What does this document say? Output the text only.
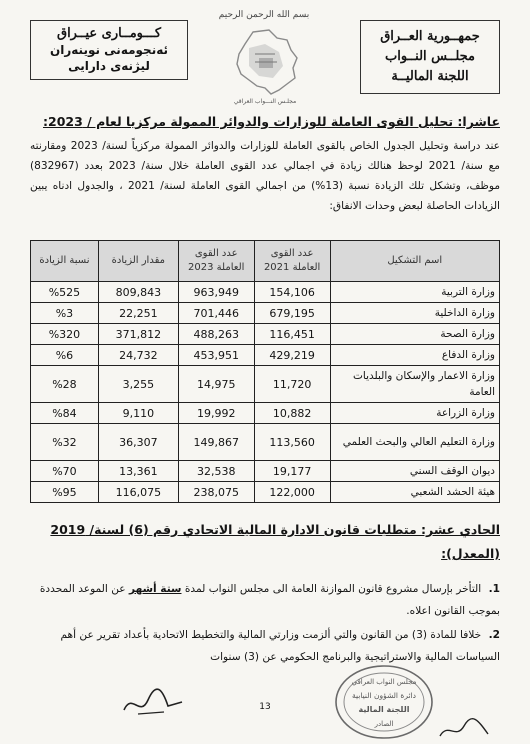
كـــومــارى عيــراق
ئه‌نجومه‌نى نوينه‌ران
ليژنه‌ى دارايى
بسم الله الرحمن الرحيم
مجلـس النـــواب العراقي
جمهــورية العــراق
مجلــس النــواب
اللجنة الماليــة
عاشرا: تحليل القوى العاملة للوزارات والدوائر الممولة مركزيا لعام / 2023:
عند دراسة وتحليل الجدول الخاص بالقوى العاملة للوزارات والدوائر الممولة مركزياً لسنة/ 2023 ومقارنته مع سنة/ 2021 لوحظ هنالك زيادة في اجمالي عدد القوى العاملة خلال سنة/ 2023 بعدد (832967) موظف، وتشكل تلك الزيادة نسبة (13%) من اجمالي القوى العاملة لسنة/ 2021 ، والجدول ادناه يبين الزيادات الحاصلة لبعض وحدات الانفاق:
اسم التشكيل	عدد القوى العاملة 2021	عدد القوى العاملة 2023	مقدار الزيادة	نسبة الزيادة
وزارة التربية	154,106	963,949	809,843	%525
وزارة الداخلية	679,195	701,446	22,251	%3
وزارة الصحة	116,451	488,263	371,812	%320
وزارة الدفاع	429,219	453,951	24,732	%6
وزارة الاعمار والإسكان والبلديات العامة	11,720	14,975	3,255	%28
وزارة الزراعة	10,882	19,992	9,110	%84
وزارة التعليم العالي والبحث العلمي	113,560	149,867	36,307	%32
ديوان الوقف السني	19,177	32,538	13,361	%70
هيئة الحشد الشعبي	122,000	238,075	116,075	%95
الحادي عشر: متطلبات قانون الادارة المالية الاتحادي رقم (6) لسنة/ 2019
(المعدل):
1. التأخر بإرسال مشروع قانون الموازنة العامة الى مجلس النواب لمدة ستة أشهر عن الموعد المحددة بموجب القانون اعلاه.
2. خلافا للمادة (3) من القانون والتي ألزمت وزارتي المالية والتخطيط الاتحادية بأعداد تقرير عن أهم السياسات المالية والاستراتيجية والبرنامج الحكومي عن (3) سنوات
13
مجلس النواب العراقي
دائرة الشؤون النيابية
اللجنة المالية
الصادر
